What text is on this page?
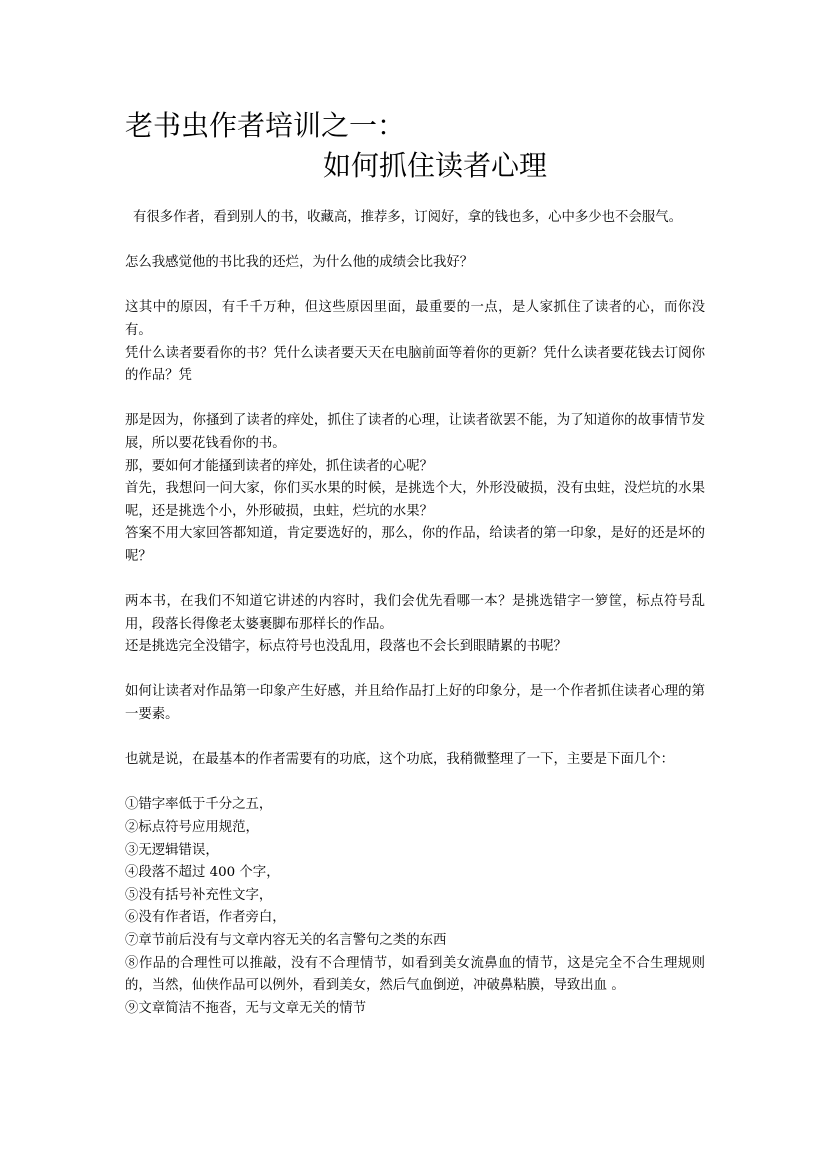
老书虫作者培训之一：
如何抓住读者心理

有很多作者，看到别人的书，收藏高，推荐多，订阅好，拿的钱也多，心中多少也不会服气。

怎么我感觉他的书比我的还烂，为什么他的成绩会比我好？

这其中的原因，有千千万种，但这些原因里面，最重要的一点，是人家抓住了读者的心，而你没有。

凭什么读者要看你的书？凭什么读者要天天在电脑前面等着你的更新？凭什么读者要花钱去订阅你的作品？凭

那是因为，你搔到了读者的痒处，抓住了读者的心理，让读者欲罢不能，为了知道你的故事情节发展，所以要花钱看你的书。

那，要如何才能搔到读者的痒处，抓住读者的心呢？

首先，我想问一问大家，你们买水果的时候，是挑选个大，外形没破损，没有虫蛀，没烂坑的水果呢，还是挑选个小，外形破损，虫蛀，烂坑的水果？

答案不用大家回答都知道，肯定要选好的，那么，你的作品，给读者的第一印象，是好的还是坏的呢？

两本书，在我们不知道它讲述的内容时，我们会优先看哪一本？是挑选错字一箩筐，标点符号乱用，段落长得像老太婆裹脚布那样长的作品。

还是挑选完全没错字，标点符号也没乱用，段落也不会长到眼睛累的书呢？

如何让读者对作品第一印象产生好感，并且给作品打上好的印象分，是一个作者抓住读者心理的第一要素。

也就是说，在最基本的作者需要有的功底，这个功底，我稍微整理了一下，主要是下面几个：

①错字率低于千分之五，

②标点符号应用规范，

③无逻辑错误，

④段落不超过 400 个字，

⑤没有括号补充性文字，

⑥没有作者语，作者旁白，

⑦章节前后没有与文章内容无关的名言警句之类的东西

⑧作品的合理性可以推敲，没有不合理情节，如看到美女流鼻血的情节，这是完全不合生理规则的，当然，仙侠作品可以例外，看到美女，然后气血倒逆，冲破鼻粘膜，导致出血 。

⑨文章简洁不拖沓，无与文章无关的情节
